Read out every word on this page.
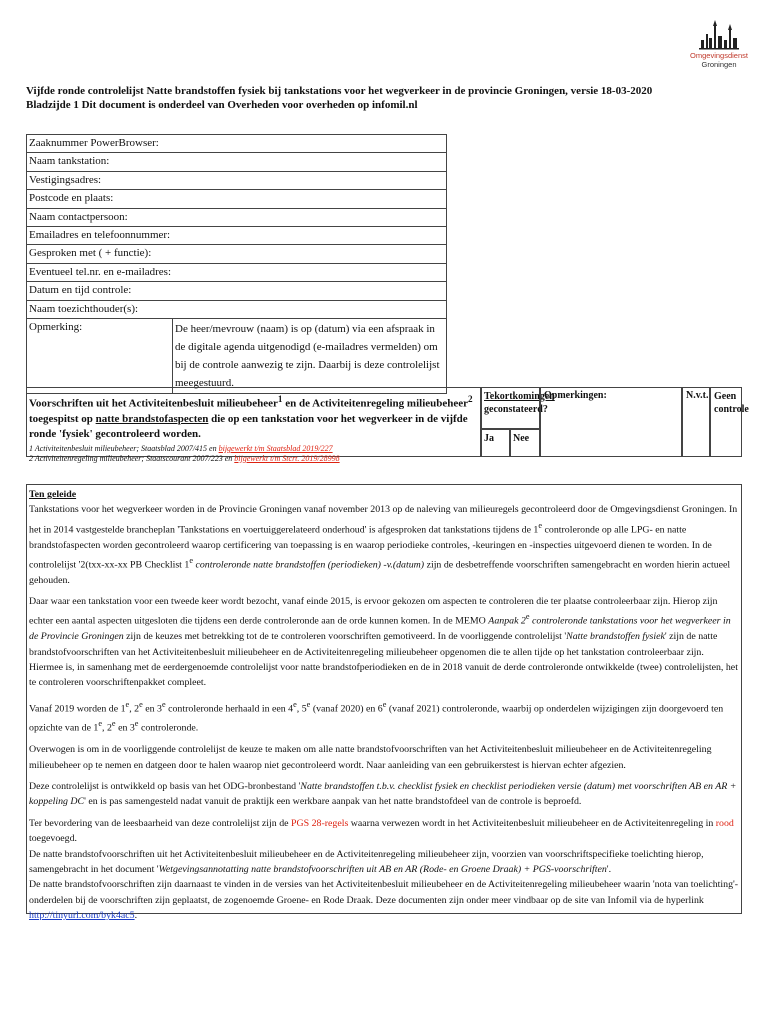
Omgevingsdienst
Groningen
Vijfde ronde controlelijst Natte brandstoffen fysiek bij tankstations voor het wegverkeer in de provincie Groningen, versie 18-03-2020
Bladzijde 1 Dit document is onderdeel van Overheden voor overheden op infomil.nl
Zaaknummer PowerBrowser:
Naam tankstation:
Vestigingsadres:
Postcode en plaats:
Naam contactpersoon:
Emailadres en telefoonnummer:
Gesproken met ( + functie):
Eventueel tel.nr. en e-mailadres:
Datum en tijd controle:
Naam toezichthouder(s):
Opmerking:	De heer/mevrouw (naam) is op (datum) via een afspraak in de digitale agenda uitgenodigd (e-mailadres vermelden) om bij de controle aanwezig te zijn. Daarbij is deze controlelijst meegestuurd.
Voorschriften uit het Activiteitenbesluit milieubeheer$^1$ en de Activiteitenregeling milieubeheer$^2$ toegespitst op natte brandstofaspecten die op een tankstation voor het wegverkeer in de vijfde ronde 'fysiek' gecontroleerd worden.
1 Activiteitenbesluit milieubeheer; Staatsblad 2007/415 en bijgewerkt t/m Staatsblad 2019/227
2 Activiteitenregeling milieubeheer; Staatscourant 2007/223 en bijgewerkt t/m Stcrt. 2019/28998
Tekortkomingen
geconstateerd?
Ja	Nee
Opmerkingen:	N.v.t. Geen controle

Ten geleide

Tankstations voor het wegverkeer worden in de Provincie Groningen vanaf november 2013 op de naleving van milieuregels gecontroleerd door de Omgevingsdienst Groningen. In het in 2014 vastgestelde brancheplan 'Tankstations en voertuiggerelateerd onderhoud' is afgesproken dat tankstations tijdens de 1e controleronde op alle LPG- en natte brandstofaspecten worden gecontroleerd waarop certificering van toepassing is en waarop periodieke controles, -keuringen en -inspecties uitgevoerd dienen te worden. In de controlelijst '2(txx-xx-xx PB Checklist 1e controleronde natte brandstoffen (periodieken) -v.(datum) zijn de desbetreffende voorschriften samengebracht en worden hierin actueel gehouden.

Daar waar een tankstation voor een tweede keer wordt bezocht, vanaf einde 2015, is ervoor gekozen om aspecten te controleren die ter plaatse controleerbaar zijn. Hierop zijn echter een aantal aspecten uitgesloten die tijdens een derde controleronde aan de orde kunnen komen. In de MEMO Aanpak 2e controleronde tankstations voor het wegverkeer in de Provincie Groningen zijn de keuzes met betrekking tot de te controleren voorschriften gemotiveerd. In de voorliggende controlelijst 'Natte brandstoffen fysiek' zijn de natte brandstofvoorschriften van het Activiteitenbesluit milieubeheer en de Activiteitenregeling milieubeheer opgenomen die te allen tijde op het tankstation controleerbaar zijn. Hiermee is, in samenhang met de eerdergenoemde controlelijst voor natte brandstofperiodieken en de in 2018 vanuit de derde controleronde ontwikkelde (twee) controlelijsten, het te controleren voorschriftenpakket compleet.

Vanaf 2019 worden de 1e, 2e en 3e controleronde herhaald in een 4e, 5e (vanaf 2020) en 6e (vanaf 2021) controleronde, waarbij op onderdelen wijzigingen zijn doorgevoerd ten opzichte van de 1e, 2e en 3e controleronde.

Overwogen is om in de voorliggende controlelijst de keuze te maken om alle natte brandstofvoorschriften van het Activiteitenbesluit milieubeheer en de Activiteitenregeling milieubeheer op te nemen en datgeen door te halen waarop niet gecontroleerd wordt. Naar aanleiding van een gebruikerstest is hiervan echter afgezien.

Deze controlelijst is ontwikkeld op basis van het ODG-bronbestand 'Natte brandstoffen t.b.v. checklist fysiek en checklist periodieken versie (datum) met voorschriften AB en AR + koppeling DC' en is pas samengesteld nadat vanuit de praktijk een werkbare aanpak van het natte brandstofdeel van de controle is beproefd.

Ter bevordering van de leesbaarheid van deze controlelijst zijn de PGS 28-regels waarna verwezen wordt in het Activiteitenbesluit milieubeheer en de Activiteitenregeling in rood toegevoegd.

De natte brandstofvoorschriften uit het Activiteitenbesluit milieubeheer en de Activiteitenregeling milieubeheer zijn, voorzien van voorschriftspecifieke toelichting hierop, samengebracht in het document 'Wetgevingsannotatting natte brandstofvoorschriften uit AB en AR (Rode- en Groene Draak) + PGS-voorschriften'.

De natte brandstofvoorschriften zijn daarnaast te vinden in de versies van het Activiteitenbesluit milieubeheer en de Activiteitenregeling milieubeheer waarin 'nota van toelichting'- onderdelen bij de voorschriften zijn geplaatst, de zogenoemde Groene- en Rode Draak. Deze documenten zijn onder meer vindbaar op de site van Infomil via de hyperlink http://tinyurl.com/byk4ac5.
